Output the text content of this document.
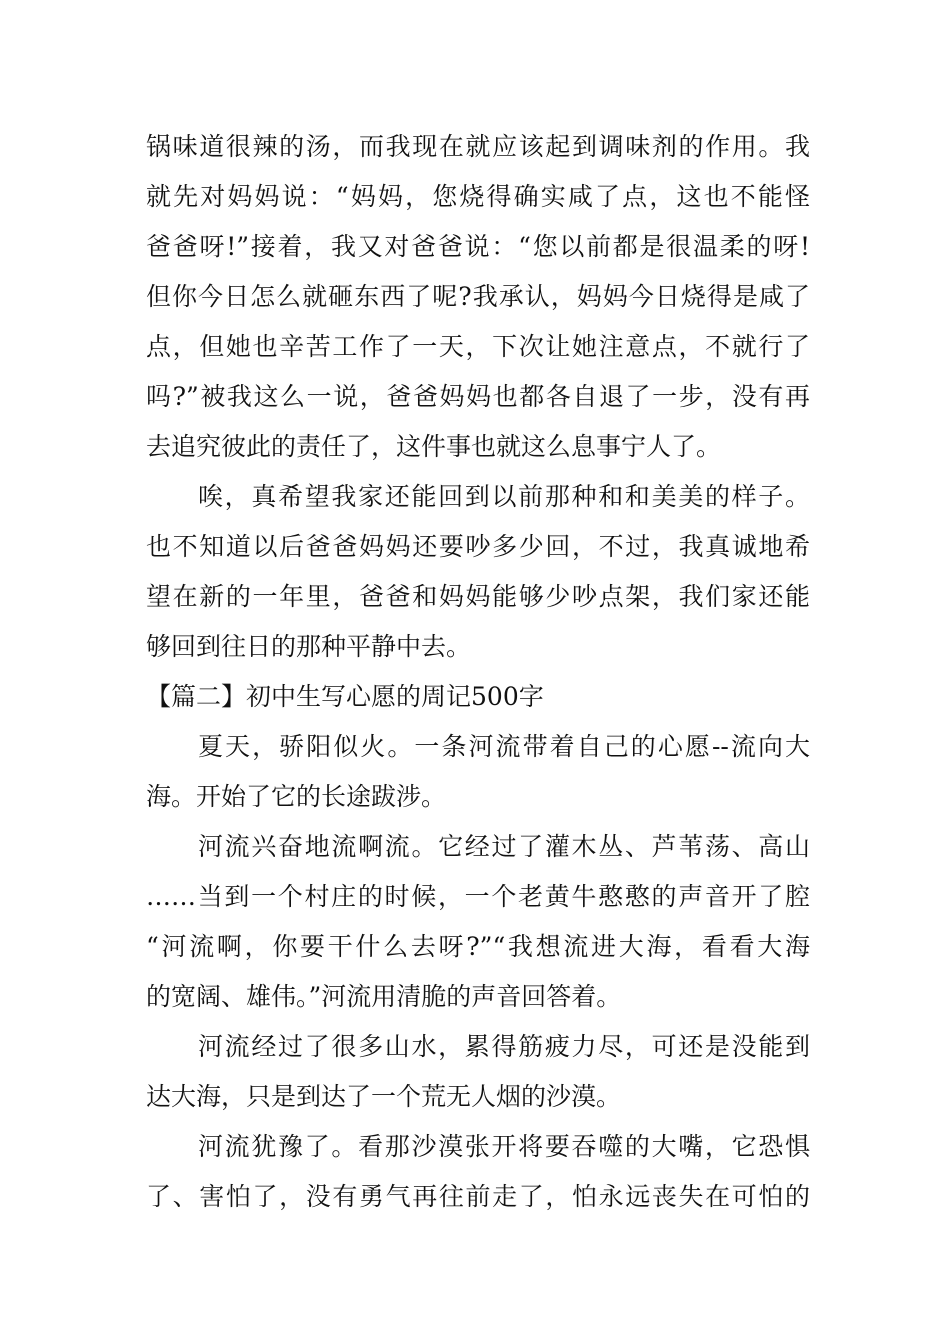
锅味道很辣的汤，而我现在就应该起到调味剂的作用。我
就先对妈妈说：“妈妈，您烧得确实咸了点，这也不能怪
爸爸呀!”接着，我又对爸爸说：“您以前都是很温柔的呀!
但你今日怎么就砸东西了呢?我承认，妈妈今日烧得是咸了
点，但她也辛苦工作了一天，下次让她注意点，不就行了
吗?”被我这么一说，爸爸妈妈也都各自退了一步，没有再
去追究彼此的责任了，这件事也就这么息事宁人了。
唉，真希望我家还能回到以前那种和和美美的样子。
也不知道以后爸爸妈妈还要吵多少回，不过，我真诚地希
望在新的一年里，爸爸和妈妈能够少吵点架，我们家还能
够回到往日的那种平静中去。
【篇二】初中生写心愿的周记500字
夏天，骄阳似火。一条河流带着自己的心愿--流向大
海。开始了它的长途跋涉。
河流兴奋地流啊流。它经过了灌木丛、芦苇荡、高山
……当到一个村庄的时候，一个老黄牛憨憨的声音开了腔
“河流啊，你要干什么去呀?”“我想流进大海，看看大海
的宽阔、雄伟。”河流用清脆的声音回答着。
河流经过了很多山水，累得筋疲力尽，可还是没能到
达大海，只是到达了一个荒无人烟的沙漠。
河流犹豫了。看那沙漠张开将要吞噬的大嘴，它恐惧
了、害怕了，没有勇气再往前走了，怕永远丧失在可怕的
